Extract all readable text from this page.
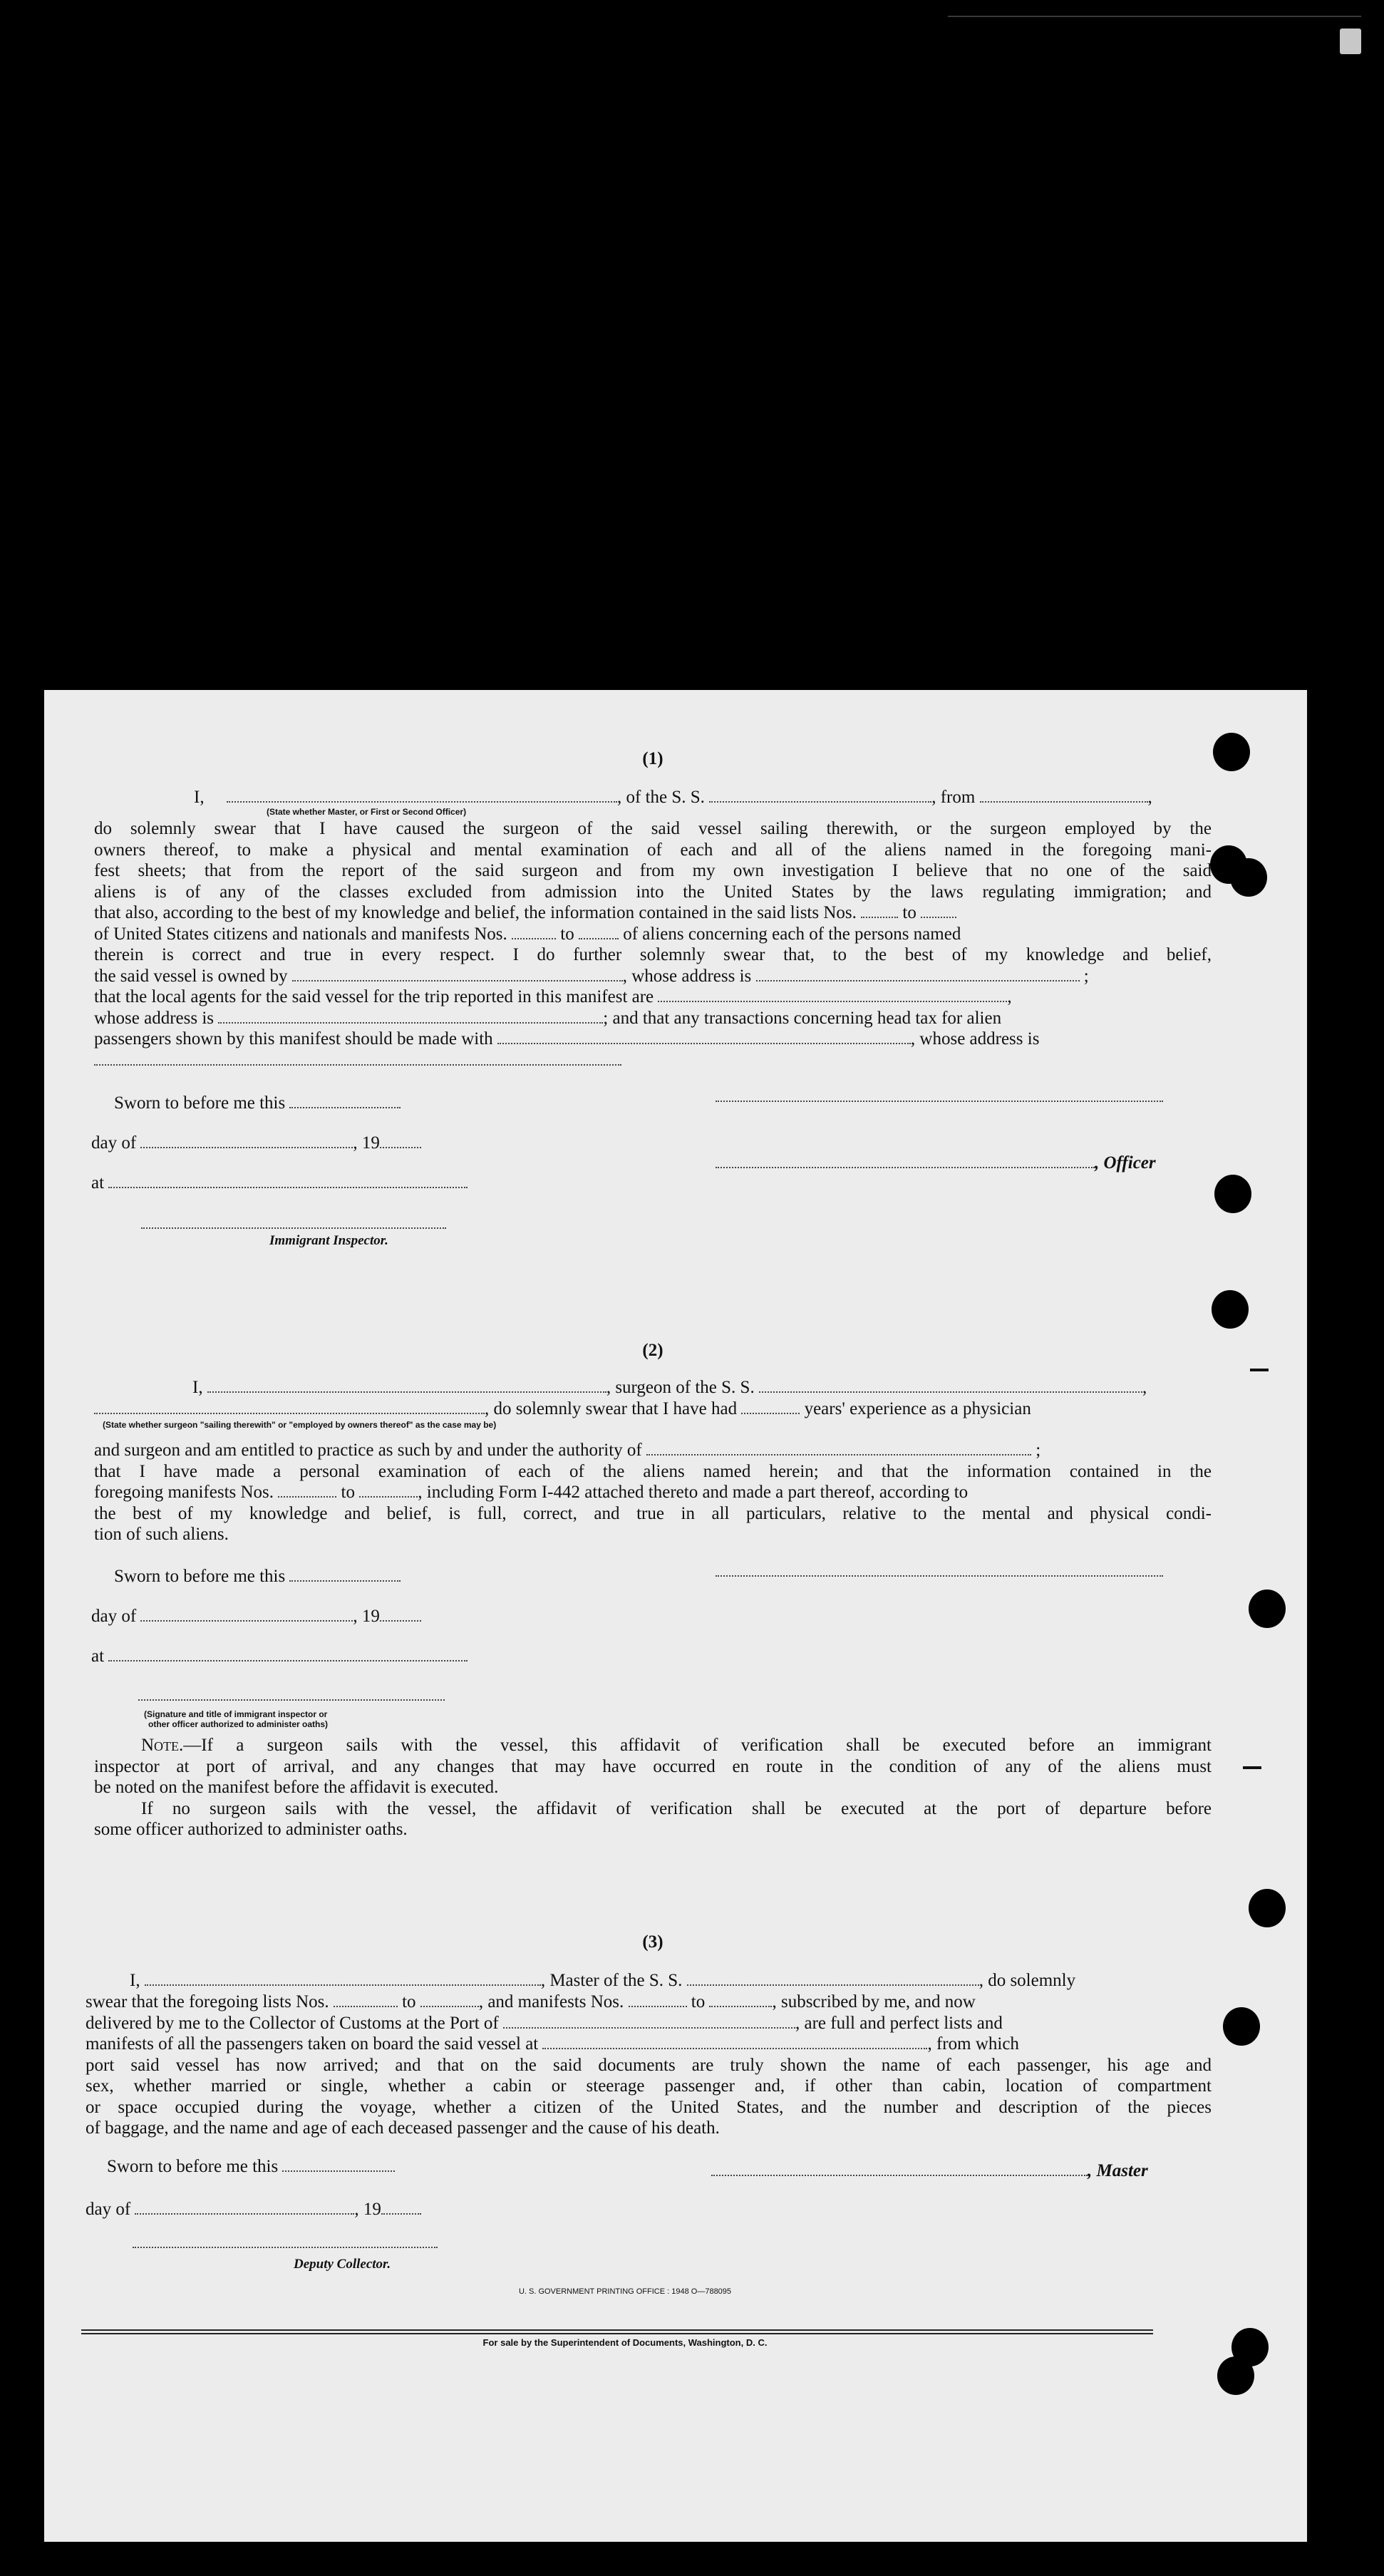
(1)
I,	, of the S. S.	, from	,
(State whether Master, or First or Second Officer)
do solemnly swear that I have caused the surgeon of the said vessel sailing therewith, or the surgeon employed by the
owners thereof, to make a physical and mental examination of each and all of the aliens named in the foregoing mani-
fest sheets; that from the report of the said surgeon and from my own investigation I believe that no one of the said
aliens is of any of the classes excluded from admission into the United States by the laws regulating immigration; and
that also, according to the best of my knowledge and belief, the information contained in the said lists Nos.	to
of United States citizens and nationals and manifests Nos.	to	of aliens concerning each of the persons named
therein is correct and true in every respect. I do further solemnly swear that, to the best of my knowledge and belief,
the said vessel is owned by	, whose address is	;
that the local agents for the said vessel for the trip reported in this manifest are	,
whose address is	; and that any transactions concerning head tax for alien
passengers shown by this manifest should be made with	, whose address is
Sworn to before me this
day of	, 19
, Officer
at
Immigrant Inspector.
(2)
I,	, surgeon of the S. S.	,
, do solemnly swear that I have had	years' experience as a physician
(State whether surgeon "sailing therewith" or "employed by owners thereof" as the case may be)
and surgeon and am entitled to practice as such by and under the authority of	;
that I have made a personal examination of each of the aliens named herein; and that the information contained in the
foregoing manifests Nos.	to	, including Form I-442 attached thereto and made a part thereof, according to
the best of my knowledge and belief, is full, correct, and true in all particulars, relative to the mental and physical condi-
tion of such aliens.
Sworn to before me this
day of	, 19
at
(Signature and title of immigrant inspector or
other officer authorized to administer oaths)
Note.—If a surgeon sails with the vessel, this affidavit of verification shall be executed before an immigrant
inspector at port of arrival, and any changes that may have occurred en route in the condition of any of the aliens must
be noted on the manifest before the affidavit is executed.
If no surgeon sails with the vessel, the affidavit of verification shall be executed at the port of departure before
some officer authorized to administer oaths.
(3)
I,	, Master of the S. S.	, do solemnly
swear that the foregoing lists Nos.	to	, and manifests Nos.	to	, subscribed by me, and now
delivered by me to the Collector of Customs at the Port of	, are full and perfect lists and
manifests of all the passengers taken on board the said vessel at	, from which
port said vessel has now arrived; and that on the said documents are truly shown the name of each passenger, his age and
sex, whether married or single, whether a cabin or steerage passenger and, if other than cabin, location of compartment
or space occupied during the voyage, whether a citizen of the United States, and the number and description of the pieces
of baggage, and the name and age of each deceased passenger and the cause of his death.
Sworn to before me this	, Master
day of	, 19
Deputy Collector.
U. S. GOVERNMENT PRINTING OFFICE : 1948 O—788095
For sale by the Superintendent of Documents, Washington, D. C.
